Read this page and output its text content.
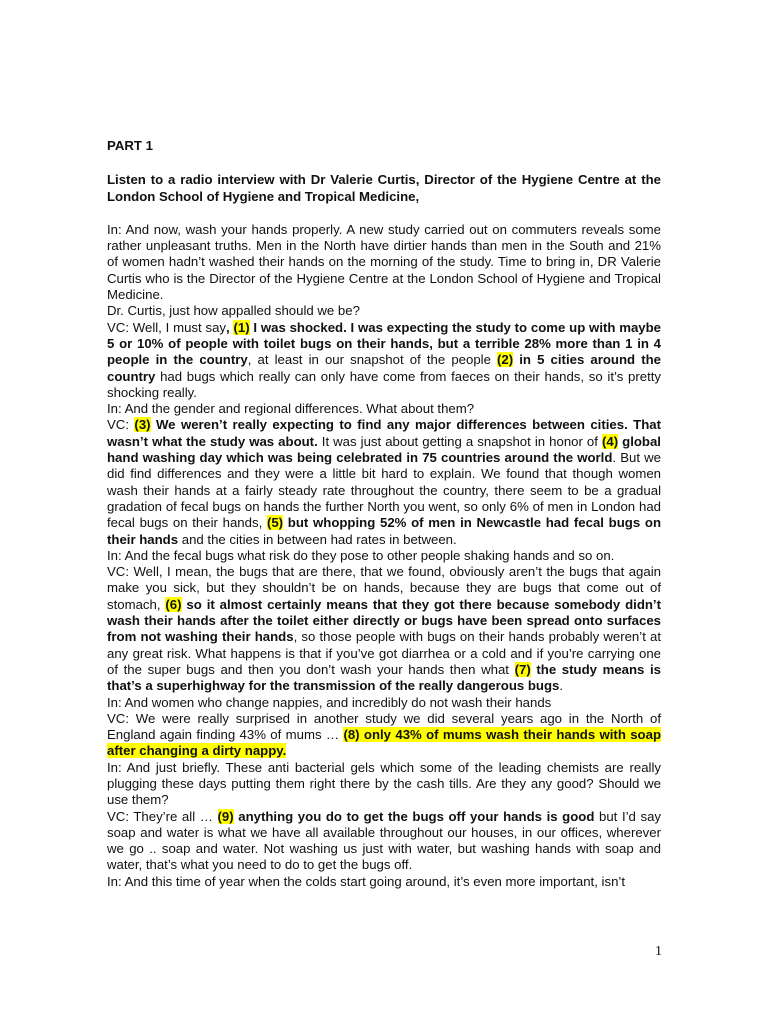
PART 1

Listen to a radio interview with Dr Valerie Curtis, Director of the Hygiene Centre at the London School of Hygiene and Tropical Medicine,

In: And now, wash your hands properly. A new study carried out on commuters reveals some rather unpleasant truths. Men in the North have dirtier hands than men in the South and 21% of women hadn’t washed their hands on the morning of the study. Time to bring in, DR Valerie Curtis who is the Director of the Hygiene Centre at the London School of Hygiene and Tropical Medicine.

Dr. Curtis, just how appalled should we be?

VC: Well, I must say, (1) I was shocked. I was expecting the study to come up with maybe 5 or 10% of people with toilet bugs on their hands, but a terrible 28% more than 1 in 4 people in the country, at least in our snapshot of the people (2) in 5 cities around the country had bugs which really can only have come from faeces on their hands, so it’s pretty shocking really.

In: And the gender and regional differences. What about them?

VC: (3) We weren’t really expecting to find any major differences between cities. That wasn’t what the study was about. It was just about getting a snapshot in honor of (4) global hand washing day which was being celebrated in 75 countries around the world. But we did find differences and they were a little bit hard to explain. We found that though women wash their hands at a fairly steady rate throughout the country, there seem to be a gradual gradation of fecal bugs on hands the further North you went, so only 6% of men in London had fecal bugs on their hands, (5) but whopping 52% of men in Newcastle had fecal bugs on their hands and the cities in between had rates in between.

In: And the fecal bugs what risk do they pose to other people shaking hands and so on.

VC: Well, I mean, the bugs that are there, that we found, obviously aren’t the bugs that again make you sick, but they shouldn’t be on hands, because they are bugs that come out of stomach, (6) so it almost certainly means that they got there because somebody didn’t wash their hands after the toilet either directly or bugs have been spread onto surfaces from not washing their hands, so those people with bugs on their hands probably weren’t at any great risk. What happens is that if you’ve got diarrhea or a cold and if you’re carrying one of the super bugs and then you don’t wash your hands then what (7) the study means is that’s a superhighway for the transmission of the really dangerous bugs.

In: And women who change nappies, and incredibly do not wash their hands

VC: We were really surprised in another study we did several years ago in the North of England again finding 43% of mums … (8) only 43% of mums wash their hands with soap after changing a dirty nappy.

In: And just briefly. These anti bacterial gels which some of the leading chemists are really plugging these days putting them right there by the cash tills. Are they any good? Should we use them?

VC: They’re all … (9) anything you do to get the bugs off your hands is good but I’d say soap and water is what we have all available throughout our houses, in our offices, wherever we go .. soap and water. Not washing us just with water, but washing hands with soap and water, that’s what you need to do to get the bugs off.

In: And this time of year when the colds start going around, it’s even more important, isn’t

1
